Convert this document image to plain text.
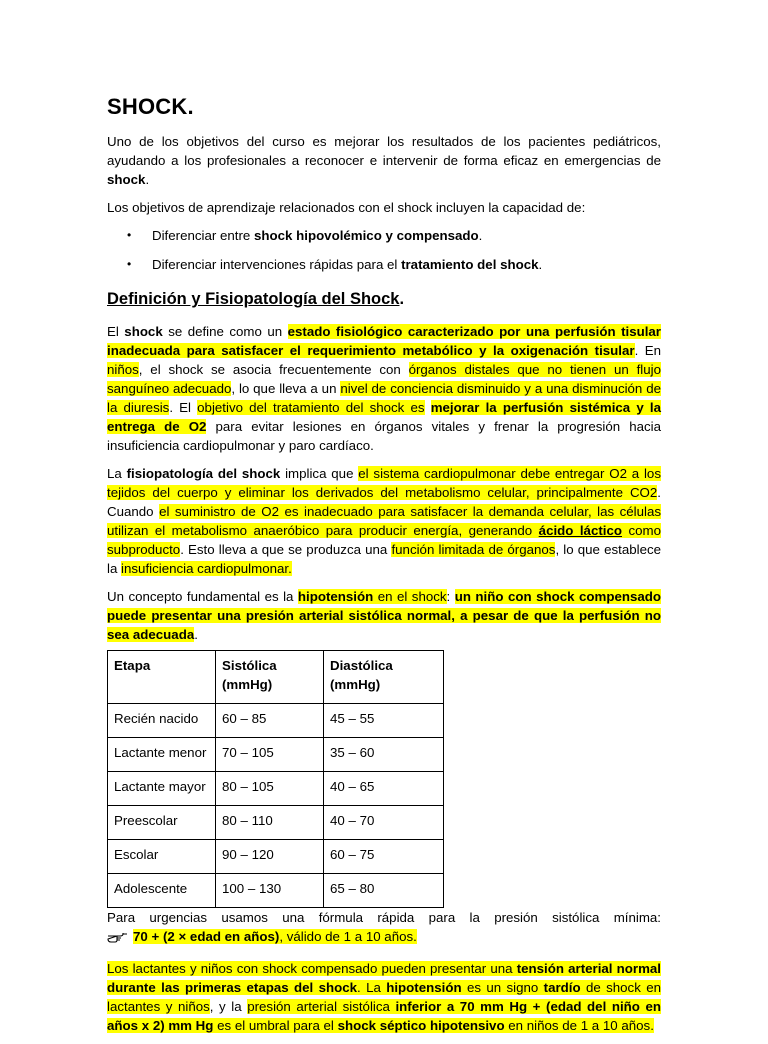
SHOCK.

Uno de los objetivos del curso es mejorar los resultados de los pacientes pediátricos, ayudando a los profesionales a reconocer e intervenir de forma eficaz en emergencias de shock.

Los objetivos de aprendizaje relacionados con el shock incluyen la capacidad de:

• Diferenciar entre shock hipovolémico y compensado.
• Diferenciar intervenciones rápidas para el tratamiento del shock.
Definición y Fisiopatología del Shock.

El shock se define como un estado fisiológico caracterizado por una perfusión tisular inadecuada para satisfacer el requerimiento metabólico y la oxigenación tisular. En niños, el shock se asocia frecuentemente con órganos distales que no tienen un flujo sanguíneo adecuado, lo que lleva a un nivel de conciencia disminuido y a una disminución de la diuresis. El objetivo del tratamiento del shock es mejorar la perfusión sistémica y la entrega de O2 para evitar lesiones en órganos vitales y frenar la progresión hacia insuficiencia cardiopulmonar y paro cardíaco.

La fisiopatología del shock implica que el sistema cardiopulmonar debe entregar O2 a los tejidos del cuerpo y eliminar los derivados del metabolismo celular, principalmente CO2. Cuando el suministro de O2 es inadecuado para satisfacer la demanda celular, las células utilizan el metabolismo anaeróbico para producir energía, generando ácido láctico como subproducto. Esto lleva a que se produzca una función limitada de órganos, lo que establece la insuficiencia cardiopulmonar.

Un concepto fundamental es la hipotensión en el shock: un niño con shock compensado puede presentar una presión arterial sistólica normal, a pesar de que la perfusión no sea adecuada.

Etapa	Sistólica (mmHg)	Diastólica (mmHg)
Recién nacido	60 – 85	45 – 55
Lactante menor	70 – 105	35 – 60
Lactante mayor	80 – 105	40 – 65
Preescolar	80 – 110	40 – 70
Escolar	90 – 120	60 – 75
Adolescente	100 – 130	65 – 80

Para urgencias usamos una fórmula rápida para la presión sistólica mínima:

70 + (2 × edad en años), válido de 1 a 10 años.

Los lactantes y niños con shock compensado pueden presentar una tensión arterial normal durante las primeras etapas del shock. La hipotensión es un signo tardío de shock en lactantes y niños, y la presión arterial sistólica inferior a 70 mm Hg + (edad del niño en años x 2) mm Hg es el umbral para el shock séptico hipotensivo en niños de 1 a 10 años.
